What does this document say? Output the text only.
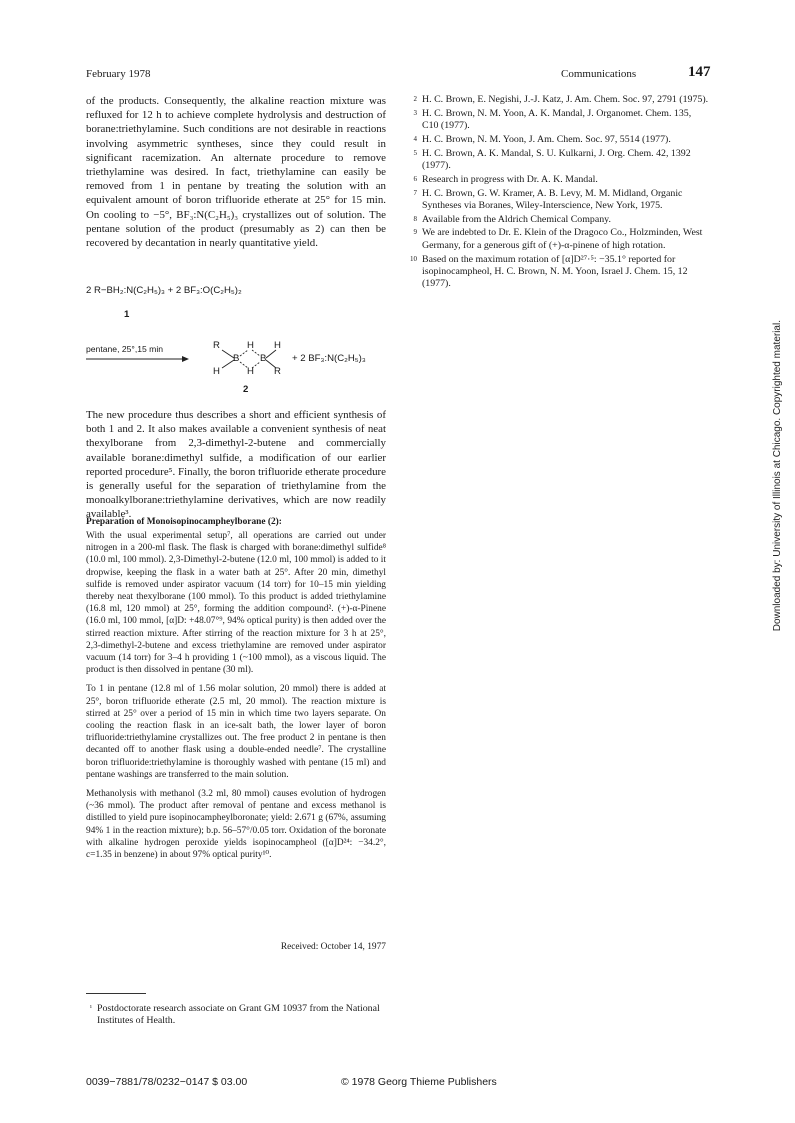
February 1978	Communications	147

of the products. Consequently, the alkaline reaction mixture was refluxed for 12 h to achieve complete hydrolysis and destruction of borane:triethylamine. Such conditions are not desirable in reactions involving asymmetric syntheses, since they could result in significant racemization. An alternate procedure to remove triethylamine was desired. In fact, triethylamine can easily be removed from 1 in pentane by treating the solution with an equivalent amount of boron trifluoride etherate at 25° for 15 min. On cooling to −5°, BF₃:N(C₂H₅)₃ crystallizes out of solution. The pentane solution of the product (presumably as 2) can then be recovered by decantation in nearly quantitative yield.

2 R−BH₂:N(C₂H₅)₃ + 2 BF₃:O(C₂H₅)₂
1
pentane, 25°,15 min	R	H H
B B
H	H R
+ 2 BF₃:N(C₂H₅)₃
2

The new procedure thus describes a short and efficient synthesis of both 1 and 2. It also makes available a convenient synthesis of neat thexylborane from 2,3-dimethyl-2-butene and commercially available borane:dimethyl sulfide, a modification of our earlier reported procedure⁵. Finally, the boron trifluoride etherate procedure is generally useful for the separation of triethylamine from the monoalkylborane:triethylamine derivatives, which are now readily available³.

Preparation of Monoisopinocampheylborane (2):

With the usual experimental setup⁷, all operations are carried out under nitrogen in a 200-ml flask. The flask is charged with borane:dimethyl sulfide⁸ (10.0 ml, 100 mmol). 2,3-Dimethyl-2-butene (12.0 ml, 100 mmol) is added to it dropwise, keeping the flask in a water bath at 25°. After 20 min, dimethyl sulfide is removed under aspirator vacuum (14 torr) for 10–15 min yielding thereby neat thexylborane (100 mmol). To this product is added triethylamine (16.8 ml, 120 mmol) at 25°, forming the addition compound². (+)-α-Pinene (16.0 ml, 100 mmol, [α]D: +48.07°⁹, 94% optical purity) is then added over the stirred reaction mixture. After stirring of the reaction mixture for 3 h at 25°, 2,3-dimethyl-2-butene and excess triethylamine are removed under aspirator vacuum (14 torr) for 3–4 h providing 1 (~100 mmol), as a viscous liquid. The product is then dissolved in pentane (30 ml).

To 1 in pentane (12.8 ml of 1.56 molar solution, 20 mmol) there is added at 25°, boron trifluoride etherate (2.5 ml, 20 mmol). The reaction mixture is stirred at 25° over a period of 15 min in which time two layers separate. On cooling the reaction flask in an ice-salt bath, the lower layer of boron trifluoride:triethylamine crystallizes out. The free product 2 in pentane is then decanted off to another flask using a double-ended needle⁷. The crystalline boron trifluoride:triethylamine is thoroughly washed with pentane (15 ml) and pentane washings are transferred to the main solution.

Methanolysis with methanol (3.2 ml, 80 mmol) causes evolution of hydrogen (~36 mmol). The product after removal of pentane and excess methanol is distilled to yield pure isopinocampheylboronate; yield: 2.671 g (67%, assuming 94% 1 in the reaction mixture); b.p. 56–57°/0.05 torr. Oxidation of the boronate with alkaline hydrogen peroxide yields isopinocampheol ([α]D²⁴: −34.2°, c=1.35 in benzene) in about 97% optical purity¹⁰.

Received: October 14, 1977
¹ Postdoctorate research associate on Grant GM 10937 from the National Institutes of Health.
2 H. C. Brown, E. Negishi, J.-J. Katz, J. Am. Chem. Soc. 97, 2791 (1975).
3 H. C. Brown, N. M. Yoon, A. K. Mandal, J. Organomet. Chem. 135, C10 (1977).
4 H. C. Brown, N. M. Yoon, J. Am. Chem. Soc. 97, 5514 (1977).
5 H. C. Brown, A. K. Mandal, S. U. Kulkarni, J. Org. Chem. 42, 1392 (1977).
6 Research in progress with Dr. A. K. Mandal.
7 H. C. Brown, G. W. Kramer, A. B. Levy, M. M. Midland, Organic Syntheses via Boranes, Wiley-Interscience, New York, 1975.
8 Available from the Aldrich Chemical Company.
9 We are indebted to Dr. E. Klein of the Dragoco Co., Holzminden, West Germany, for a generous gift of (+)-α-pinene of high rotation.
10 Based on the maximum rotation of [α]D²⁷·⁵: −35.1° reported for isopinocampheol, H. C. Brown, N. M. Yoon, Israel J. Chem. 15, 12 (1977).
Downloaded by: University of Illinois at Chicago. Copyrighted material.
0039−7881/78/0232−0147 $ 03.00	© 1978 Georg Thieme Publishers
